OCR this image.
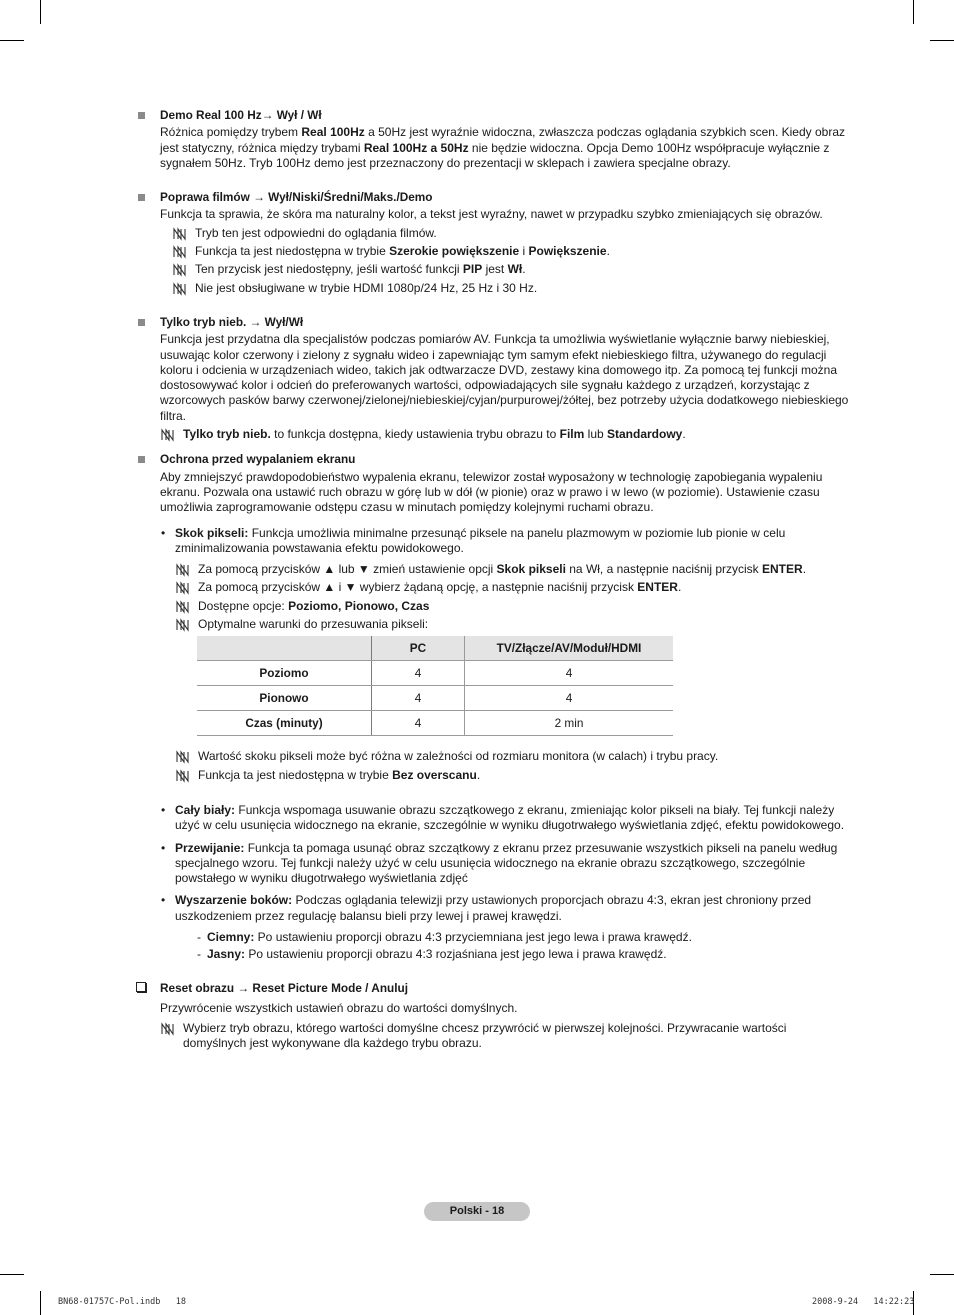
Demo Real 100 Hz→ Wył / Wł
Różnica pomiędzy trybem Real 100Hz a 50Hz jest wyraźnie widoczna, zwłaszcza podczas oglądania szybkich scen. Kiedy obraz jest statyczny, różnica między trybami Real 100Hz a 50Hz nie będzie widoczna. Opcja Demo 100Hz współpracuje wyłącznie z sygnałem 50Hz. Tryb 100Hz demo jest przeznaczony do prezentacji w sklepach i zawiera specjalne obrazy.
Poprawa filmów → Wył/Niski/Średni/Maks./Demo
Funkcja ta sprawia, że skóra ma naturalny kolor, a tekst jest wyraźny, nawet w przypadku szybko zmieniających się obrazów.
Tryb ten jest odpowiedni do oglądania filmów.
Funkcja ta jest niedostępna w trybie Szerokie powiększenie i Powiększenie.
Ten przycisk jest niedostępny, jeśli wartość funkcji PIP jest Wł.
Nie jest obsługiwane w trybie HDMI 1080p/24 Hz, 25 Hz i 30 Hz.
Tylko tryb nieb. → Wył/Wł
Funkcja jest przydatna dla specjalistów podczas pomiarów AV. Funkcja ta umożliwia wyświetlanie wyłącznie barwy niebieskiej, usuwając kolor czerwony i zielony z sygnału wideo i zapewniając tym samym efekt niebieskiego filtra, używanego do regulacji koloru i odcienia w urządzeniach wideo, takich jak odtwarzacze DVD, zestawy kina domowego itp. Za pomocą tej funkcji można dostosowywać kolor i odcień do preferowanych wartości, odpowiadających sile sygnału każdego z urządzeń, korzystając z wzorcowych pasków barwy czerwonej/zielonej/niebieskiej/cyjan/purpurowej/żółtej, bez potrzeby użycia dodatkowego niebieskiego filtra.
Tylko tryb nieb. to funkcja dostępna, kiedy ustawienia trybu obrazu to Film lub Standardowy.
Ochrona przed wypalaniem ekranu
Aby zmniejszyć prawdopodobieństwo wypalenia ekranu, telewizor został wyposażony w technologię zapobiegania wypaleniu ekranu. Pozwala ona ustawić ruch obrazu w górę lub w dół (w pionie) oraz w prawo i w lewo (w poziomie). Ustawienie czasu umożliwia zaprogramowanie odstępu czasu w minutach pomiędzy kolejnymi ruchami obrazu.
• Skok pikseli: Funkcja umożliwia minimalne przesunąć piksele na panelu plazmowym w poziomie lub pionie w celu zminimalizowania powstawania efektu powidokowego.
Za pomocą przycisków ▲ lub ▼ zmień ustawienie opcji Skok pikseli na Wł, a następnie naciśnij przycisk ENTER.
Za pomocą przycisków ▲ i ▼ wybierz żądaną opcję, a następnie naciśnij przycisk ENTER.
Dostępne opcje: Poziomo, Pionowo, Czas
Optymalne warunki do przesuwania pikseli:
	PC	TV/Złącze/AV/Moduł/HDMI
Poziomo	4	4
Pionowo	4	4
Czas (minuty)	4	2 min
Wartość skoku pikseli może być różna w zależności od rozmiaru monitora (w calach) i trybu pracy.
Funkcja ta jest niedostępna w trybie Bez overscanu.
• Cały biały: Funkcja wspomaga usuwanie obrazu szczątkowego z ekranu, zmieniając kolor pikseli na biały. Tej funkcji należy użyć w celu usunięcia widocznego na ekranie, szczególnie w wyniku długotrwałego wyświetlania zdjęć, efektu powidokowego.
• Przewijanie: Funkcja ta pomaga usunąć obraz szczątkowy z ekranu przez przesuwanie wszystkich pikseli na panelu według specjalnego wzoru. Tej funkcji należy użyć w celu usunięcia widocznego na ekranie obrazu szczątkowego, szczególnie powstałego w wyniku długotrwałego wyświetlania zdjęć
• Wyszarzenie boków: Podczas oglądania telewizji przy ustawionych proporcjach obrazu 4:3, ekran jest chroniony przed uszkodzeniem przez regulację balansu bieli przy lewej i prawej krawędzi.
- Ciemny: Po ustawieniu proporcji obrazu 4:3 przyciemniana jest jego lewa i prawa krawędź.
- Jasny: Po ustawieniu proporcji obrazu 4:3 rozjaśniana jest jego lewa i prawa krawędź.
Reset obrazu → Reset Picture Mode / Anuluj
Przywrócenie wszystkich ustawień obrazu do wartości domyślnych.
Wybierz tryb obrazu, którego wartości domyślne chcesz przywrócić w pierwszej kolejności. Przywracanie wartości domyślnych jest wykonywane dla każdego trybu obrazu.
Polski - 18
BN68-01757C-Pol.indb   18	2008-9-24   14:22:23
